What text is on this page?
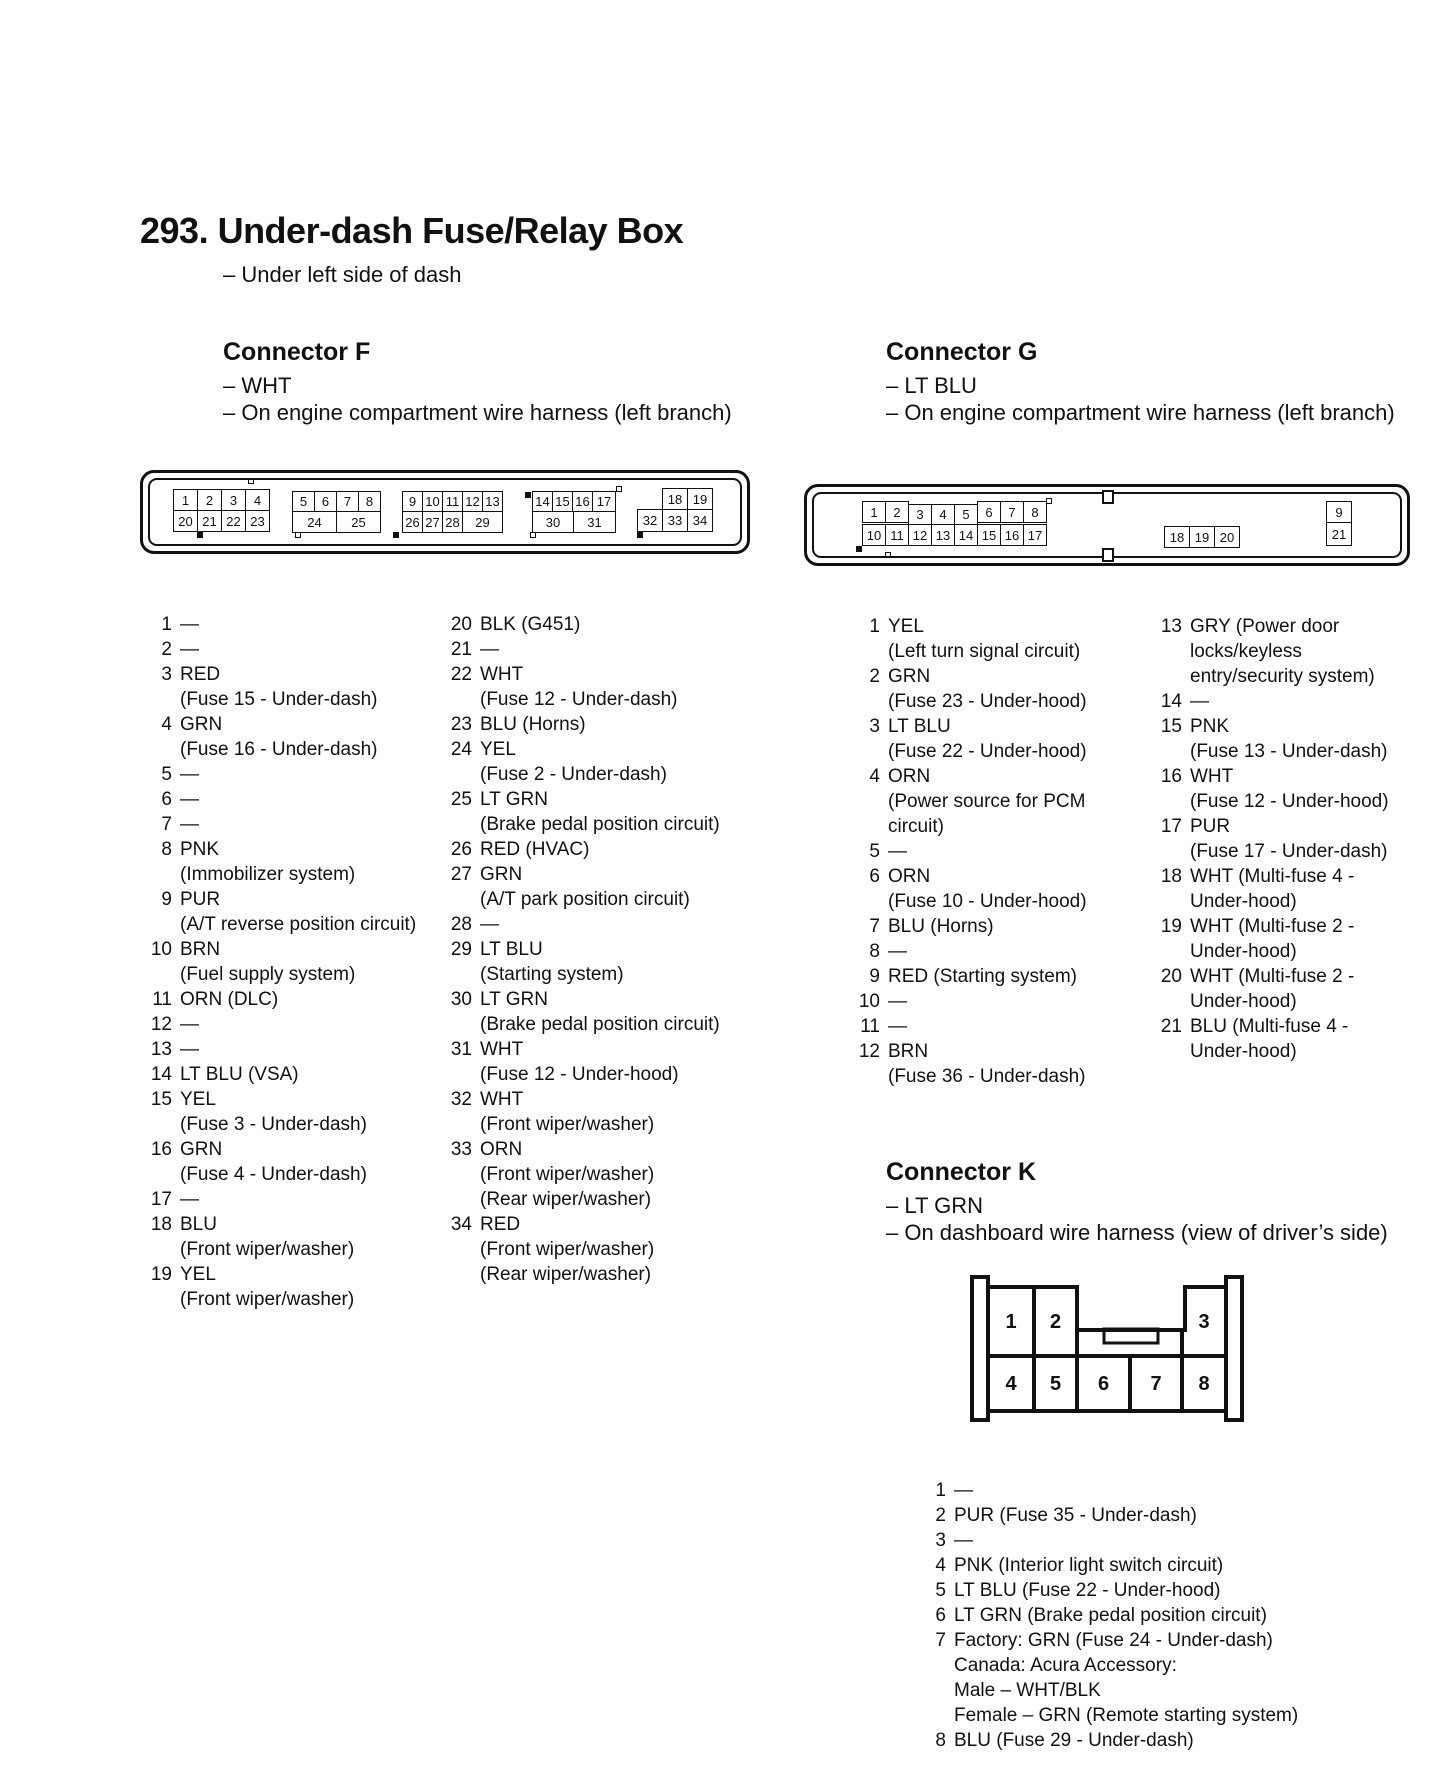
293. Under-dash Fuse/Relay Box
– Under left side of dash
Connector F
– WHT
– On engine compartment wire harness (left branch)
1	2	3	4
20 21 22 23
5	6	7	8
24	25
9 10 11 12 13
26 27 28	29
14 15 16 17
30	31
18 19
32 33 34
1 —
2 —
3 RED
(Fuse 15 - Under-dash)
4 GRN
(Fuse 16 - Under-dash)
5 —
6 —
7 —
8 PNK
(Immobilizer system)
9 PUR
(A/T reverse position circuit)
10 BRN
(Fuel supply system)
11 ORN (DLC)
12 —
13 —
14 LT BLU (VSA)
15 YEL
(Fuse 3 - Under-dash)
16 GRN
(Fuse 4 - Under-dash)
17 —
18 BLU
(Front wiper/washer)
19 YEL
(Front wiper/washer)
20 BLK (G451)
21 —
22 WHT
(Fuse 12 - Under-dash)
23 BLU (Horns)
24 YEL
(Fuse 2 - Under-dash)
25 LT GRN
(Brake pedal position circuit)
26 RED (HVAC)
27 GRN
(A/T park position circuit)
28 —
29 LT BLU
(Starting system)
30 LT GRN
(Brake pedal position circuit)
31 WHT
(Fuse 12 - Under-hood)
32 WHT
(Front wiper/washer)
33 ORN
(Front wiper/washer)
(Rear wiper/washer)
34 RED
(Front wiper/washer)
(Rear wiper/washer)
Connector G
– LT BLU
– On engine compartment wire harness (left branch)
1	2	3	4	5	6	7	8
10 11 12 13 14 15 16 17	18 19 20
9
21
1 YEL
(Left turn signal circuit)
2 GRN
(Fuse 23 - Under-hood)
3 LT BLU
(Fuse 22 - Under-hood)
4 ORN
(Power source for PCM
circuit)
5 —
6 ORN
(Fuse 10 - Under-hood)
7 BLU (Horns)
8 —
9 RED (Starting system)
10 —
11 —
12 BRN
(Fuse 36 - Under-dash)
13 GRY (Power door
locks/keyless
entry/security system)
14 —
15 PNK
(Fuse 13 - Under-dash)
16 WHT
(Fuse 12 - Under-hood)
17 PUR
(Fuse 17 - Under-dash)
18 WHT (Multi-fuse 4 -
Under-hood)
19 WHT (Multi-fuse 2 -
Under-hood)
20 WHT (Multi-fuse 2 -
Under-hood)
21 BLU (Multi-fuse 4 -
Under-hood)
Connector K
– LT GRN
– On dashboard wire harness (view of driver’s side)
1	2	3
4	5	6	7	8
1 —
2 PUR (Fuse 35 - Under-dash)
3 —
4 PNK (Interior light switch circuit)
5 LT BLU (Fuse 22 - Under-hood)
6 LT GRN (Brake pedal position circuit)
7 Factory: GRN (Fuse 24 - Under-dash)
Canada: Acura Accessory:
Male – WHT/BLK
Female – GRN (Remote starting system)
8 BLU (Fuse 29 - Under-dash)
